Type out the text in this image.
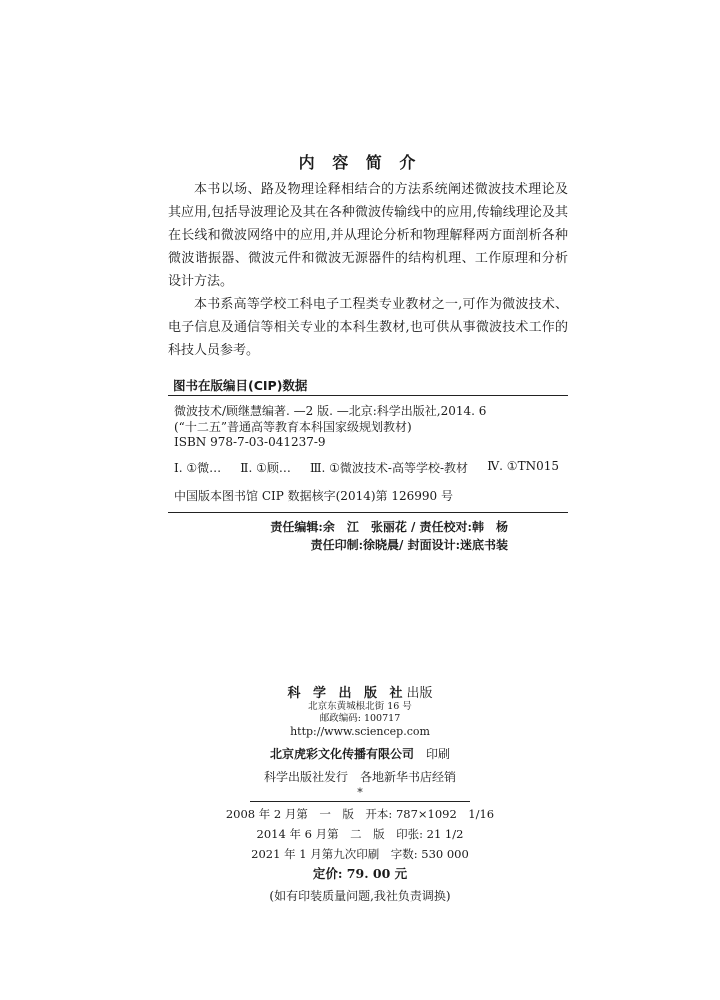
内 容 简 介

本书以场、路及物理诠释相结合的方法系统阐述微波技术理论及其应用,包括导波理论及其在各种微波传输线中的应用,传输线理论及其在长线和微波网络中的应用,并从理论分析和物理解释两方面剖析各种微波谐振器、微波元件和微波无源器件的结构机理、工作原理和分析设计方法。

本书系高等学校工科电子工程类专业教材之一,可作为微波技术、电子信息及通信等相关专业的本科生教材,也可供从事微波技术工作的科技人员参考。

图书在版编目(CIP)数据
微波技术/顾继慧编著. —2 版. —北京:科学出版社,2014. 6
(“十二五”普通高等教育本科国家级规划教材)
ISBN 978-7-03-041237-9
Ⅰ. ①微… Ⅱ. ①顾… Ⅲ. ①微波技术-高等学校-教材 Ⅳ. ①TN015
中国版本图书馆 CIP 数据核字(2014)第 126990 号
责任编辑:余　江　张丽花 / 责任校对:韩　杨
责任印制:徐晓晨/ 封面设计:迷底书装
科 学 出 版 社出版
北京东黄城根北街 16 号
邮政编码: 100717
http://www.sciencep.com
北京虎彩文化传播有限公司　 印刷
科学出版社发行　各地新华书店经销
*
2008 年 2 月第　一　版　开本: 787×1092　1/16
2014 年 6 月第　二　版　印张: 21 1/2
2021 年 1 月第九次印刷　字数: 530 000
定价: 79. 00 元
(如有印装质量问题,我社负责调换)
